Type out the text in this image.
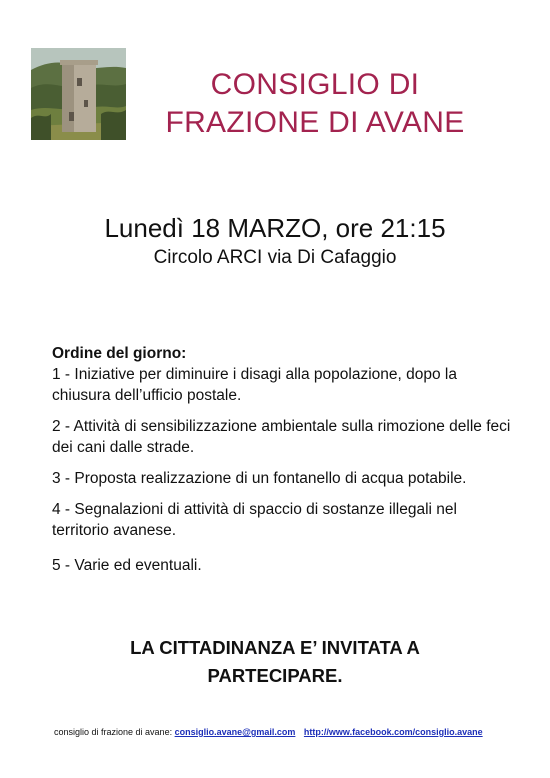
CONSIGLIO DI
FRAZIONE DI AVANE
Lunedì 18 MARZO, ore 21:15
Circolo ARCI via Di Cafaggio
Ordine del giorno:
1 - Iniziative per diminuire i disagi alla popolazione, dopo la chiusura dell’ufficio postale.
2 - Attività di sensibilizzazione ambientale sulla rimozione delle feci dei cani dalle strade.
3 - Proposta realizzazione di un fontanello di acqua potabile.
4 - Segnalazioni di attività di spaccio di sostanze illegali nel territorio avanese.
5 - Varie ed eventuali.
LA CITTADINANZA E’ INVITATA A
PARTECIPARE.
consiglio di frazione di avane: consiglio.avane@gmail.com http://www.facebook.com/consiglio.avane
